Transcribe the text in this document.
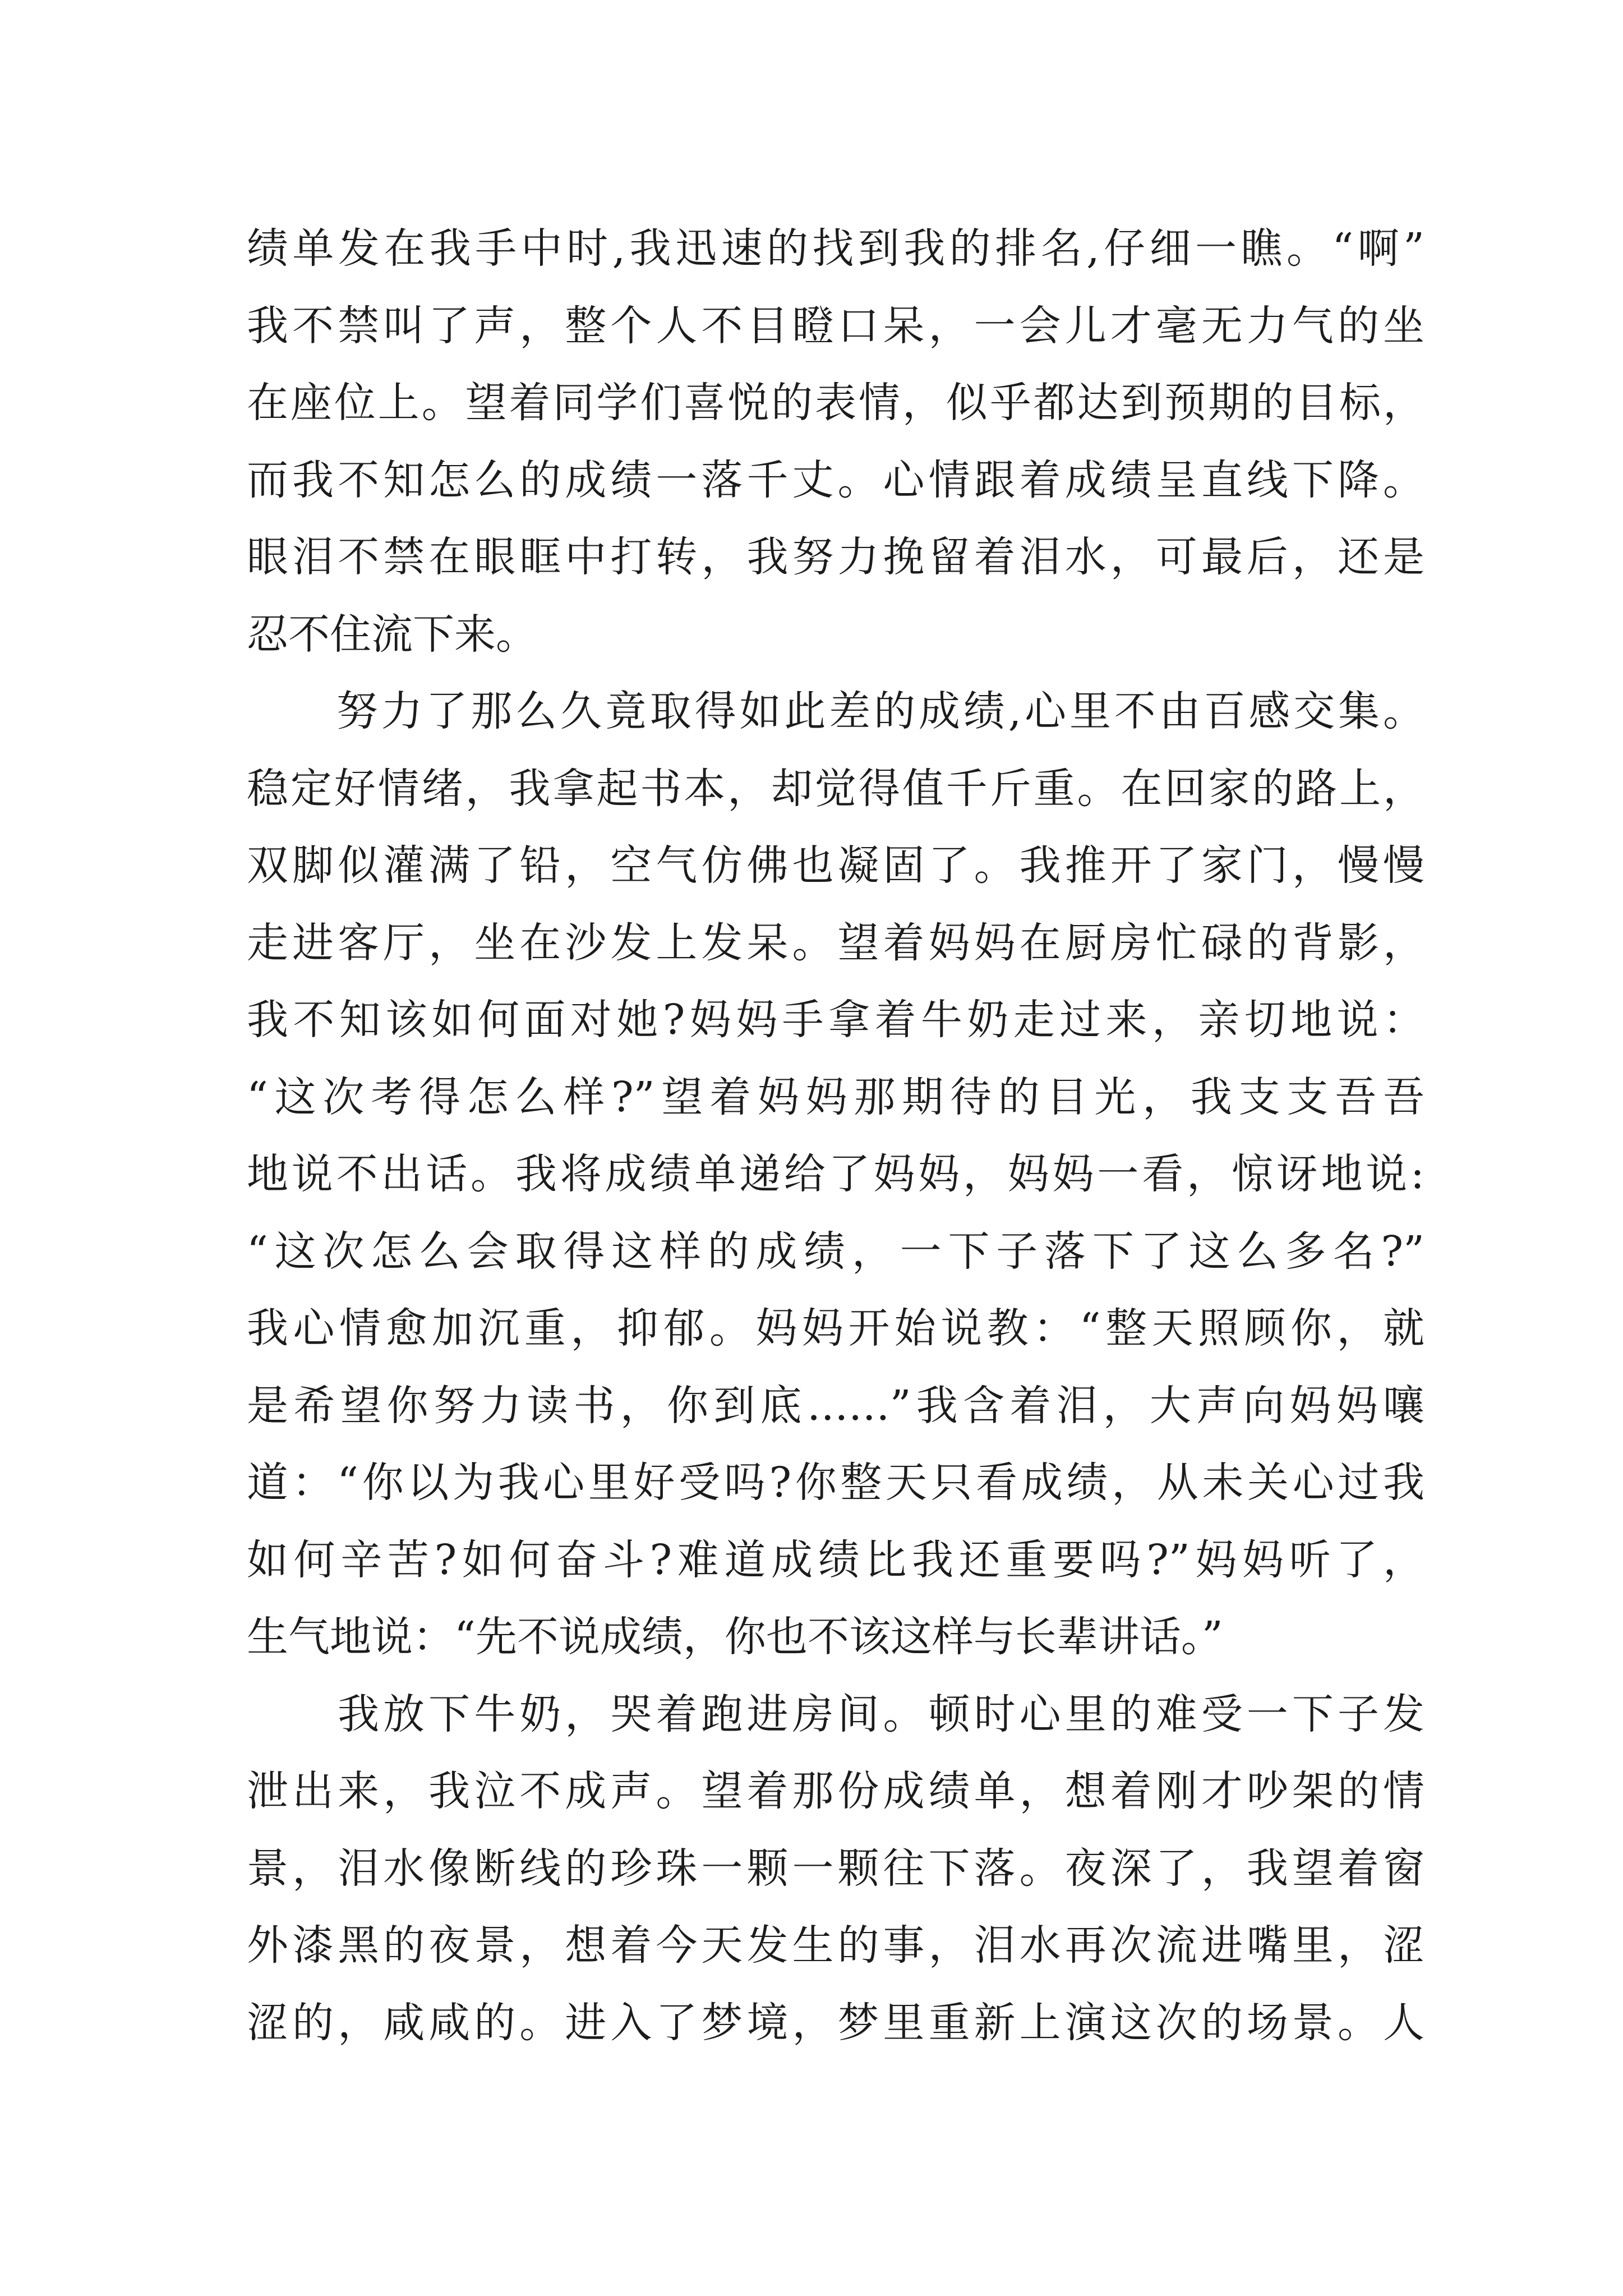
绩单发在我手中时,我迅速的找到我的排名,仔细一瞧。“啊”
我不禁叫了声，整个人不目瞪口呆，一会儿才毫无力气的坐
在座位上。望着同学们喜悦的表情，似乎都达到预期的目标，
而我不知怎么的成绩一落千丈。心情跟着成绩呈直线下降。
眼泪不禁在眼眶中打转，我努力挽留着泪水，可最后，还是
忍不住流下来。
　　努力了那么久竟取得如此差的成绩,心里不由百感交集。
稳定好情绪，我拿起书本，却觉得值千斤重。在回家的路上，
双脚似灌满了铅，空气仿佛也凝固了。我推开了家门，慢慢
走进客厅，坐在沙发上发呆。望着妈妈在厨房忙碌的背影，
我不知该如何面对她?妈妈手拿着牛奶走过来，亲切地说：
“这次考得怎么样?”望着妈妈那期待的目光，我支支吾吾
地说不出话。我将成绩单递给了妈妈，妈妈一看，惊讶地说:
“这次怎么会取得这样的成绩，一下子落下了这么多名?”
我心情愈加沉重，抑郁。妈妈开始说教：“整天照顾你，就
是希望你努力读书，你到底……”我含着泪，大声向妈妈嚷
道：“你以为我心里好受吗?你整天只看成绩，从未关心过我
如何辛苦?如何奋斗?难道成绩比我还重要吗?”妈妈听了，
生气地说：“先不说成绩，你也不该这样与长辈讲话。”
　　我放下牛奶，哭着跑进房间。顿时心里的难受一下子发
泄出来，我泣不成声。望着那份成绩单，想着刚才吵架的情
景，泪水像断线的珍珠一颗一颗往下落。夜深了，我望着窗
外漆黑的夜景，想着今天发生的事，泪水再次流进嘴里，涩
涩的，咸咸的。进入了梦境，梦里重新上演这次的场景。人
